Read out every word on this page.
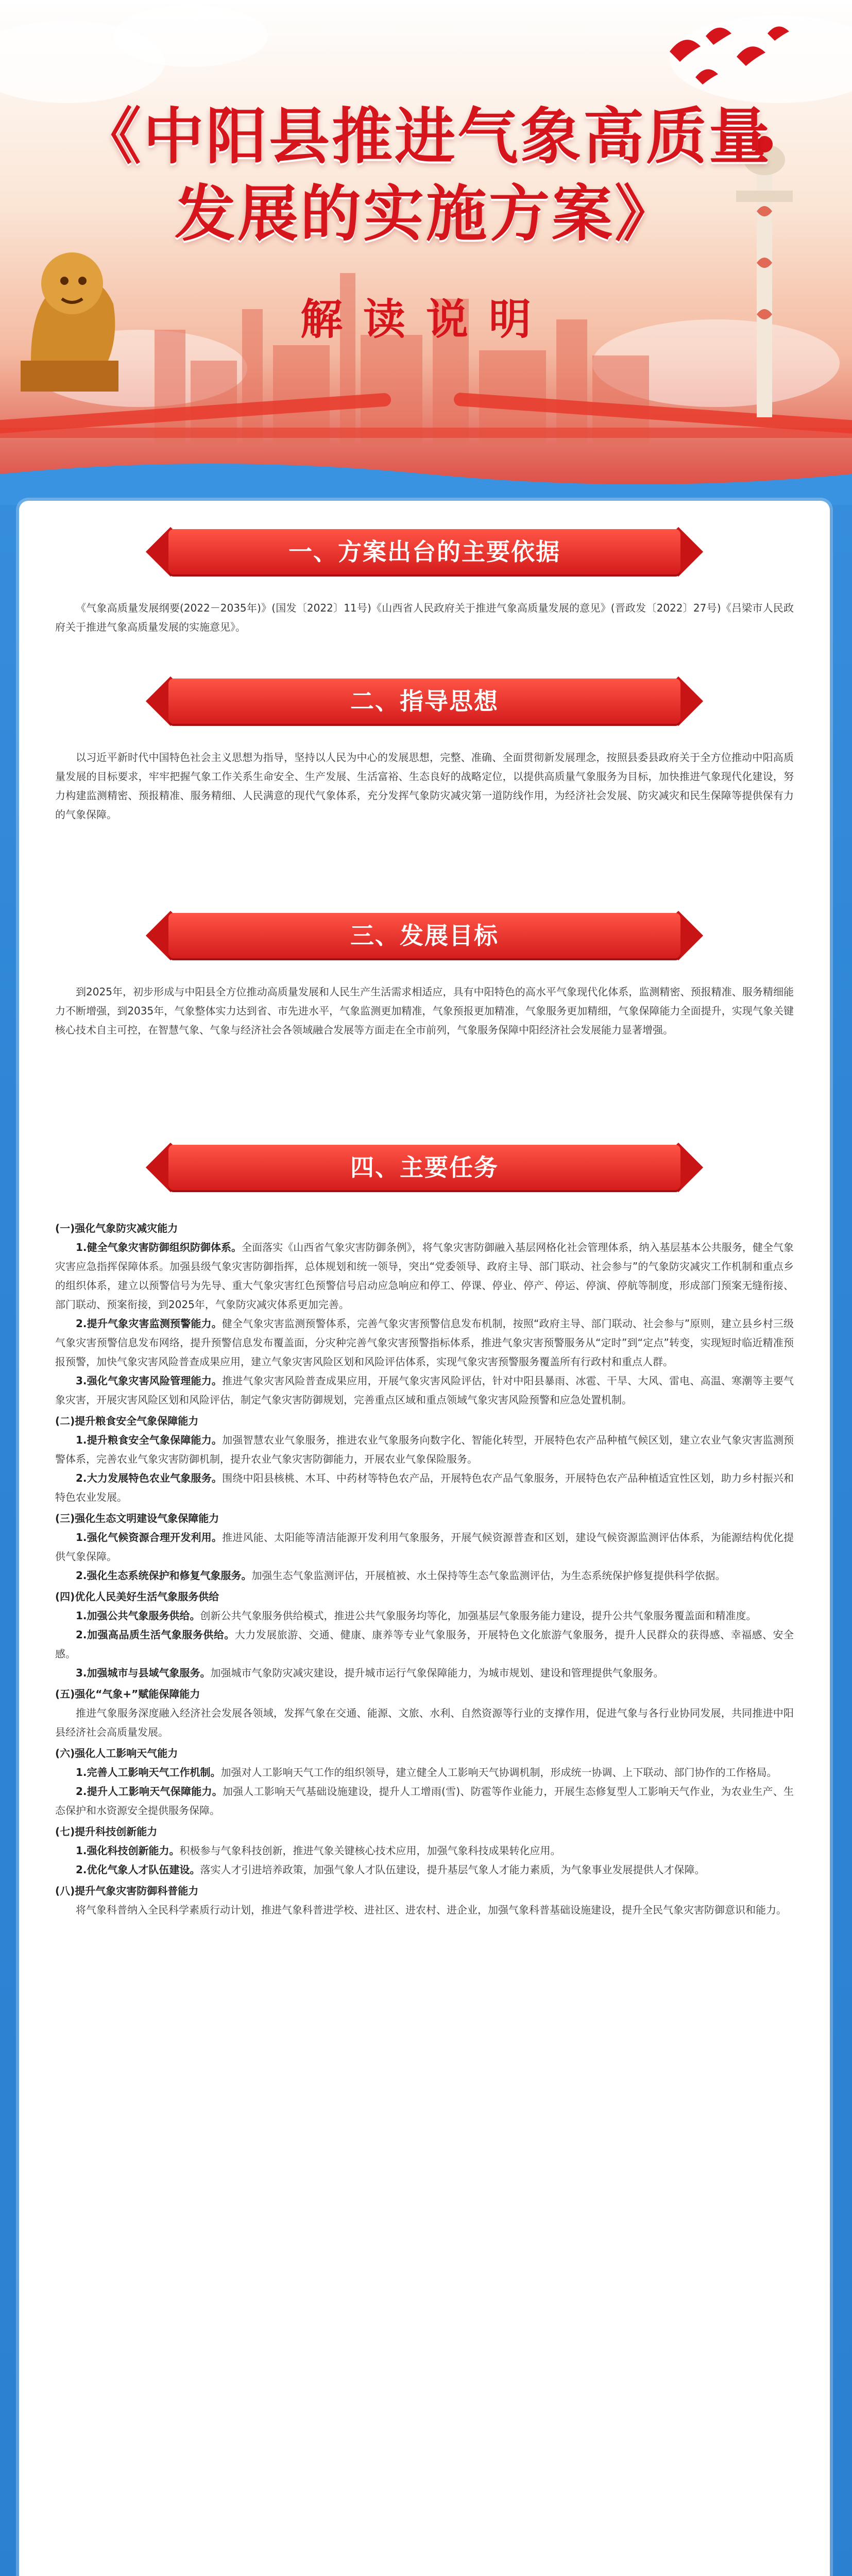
《中阳县推进气象高质量
发展的实施方案》
解读说明
一、方案出台的主要依据

《气象高质量发展纲要(2022－2035年)》(国发〔2022〕11号)《山西省人民政府关于推进气象高质量发展的意见》(晋政发〔2022〕27号)《吕梁市人民政府关于推进气象高质量发展的实施意见》。

二、指导思想

以习近平新时代中国特色社会主义思想为指导，坚持以人民为中心的发展思想，完整、准确、全面贯彻新发展理念，按照县委县政府关于全方位推动中阳高质量发展的目标要求，牢牢把握气象工作关系生命安全、生产发展、生活富裕、生态良好的战略定位，以提供高质量气象服务为目标，加快推进气象现代化建设，努力构建监测精密、预报精准、服务精细、人民满意的现代气象体系，充分发挥气象防灾减灾第一道防线作用，为经济社会发展、防灾减灾和民生保障等提供保有力的气象保障。

三、发展目标

到2025年，初步形成与中阳县全方位推动高质量发展和人民生产生活需求相适应，具有中阳特色的高水平气象现代化体系，监测精密、预报精准、服务精细能力不断增强，到2035年，气象整体实力达到省、市先进水平，气象监测更加精准，气象预报更加精准，气象服务更加精细，气象保障能力全面提升，实现气象关键核心技术自主可控，在智慧气象、气象与经济社会各领域融合发展等方面走在全市前列，气象服务保障中阳经济社会发展能力显著增强。

四、主要任务

(一)强化气象防灾减灾能力

1.健全气象灾害防御组织防御体系。全面落实《山西省气象灾害防御条例》，将气象灾害防御融入基层网格化社会管理体系，纳入基层基本公共服务，健全气象灾害应急指挥保障体系。加强县级气象灾害防御指挥，总体规划和统一领导，突出“党委领导、政府主导、部门联动、社会参与”的气象防灾减灾工作机制和重点乡的组织体系，建立以预警信号为先导、重大气象灾害红色预警信号启动应急响应和停工、停课、停业、停产、停运、停演、停航等制度，形成部门预案无缝衔接、部门联动、预案衔接，到2025年，气象防灾减灾体系更加完善。

2.提升气象灾害监测预警能力。健全气象灾害监测预警体系，完善气象灾害预警信息发布机制，按照“政府主导、部门联动、社会参与”原则，建立县乡村三级气象灾害预警信息发布网络，提升预警信息发布覆盖面，分灾种完善气象灾害预警指标体系，推进气象灾害预警服务从“定时”到“定点”转变，实现短时临近精准预报预警，加快气象灾害风险普查成果应用，建立气象灾害风险区划和风险评估体系，实现气象灾害预警服务覆盖所有行政村和重点人群。

3.强化气象灾害风险管理能力。推进气象灾害风险普查成果应用，开展气象灾害风险评估，针对中阳县暴雨、冰雹、干旱、大风、雷电、高温、寒潮等主要气象灾害，开展灾害风险区划和风险评估，制定气象灾害防御规划，完善重点区域和重点领域气象灾害风险预警和应急处置机制。

(二)提升粮食安全气象保障能力

1.提升粮食安全气象保障能力。加强智慧农业气象服务，推进农业气象服务向数字化、智能化转型，开展特色农产品种植气候区划，建立农业气象灾害监测预警体系，完善农业气象灾害防御机制，提升农业气象灾害防御能力，开展农业气象保险服务。

2.大力发展特色农业气象服务。围绕中阳县核桃、木耳、中药材等特色农产品，开展特色农产品气象服务，开展特色农产品种植适宜性区划，助力乡村振兴和特色农业发展。

(三)强化生态文明建设气象保障能力

1.强化气候资源合理开发利用。推进风能、太阳能等清洁能源开发利用气象服务，开展气候资源普查和区划，建设气候资源监测评估体系，为能源结构优化提供气象保障。

2.强化生态系统保护和修复气象服务。加强生态气象监测评估，开展植被、水土保持等生态气象监测评估，为生态系统保护修复提供科学依据。

(四)优化人民美好生活气象服务供给

1.加强公共气象服务供给。创新公共气象服务供给模式，推进公共气象服务均等化，加强基层气象服务能力建设，提升公共气象服务覆盖面和精准度。

2.加强高品质生活气象服务供给。大力发展旅游、交通、健康、康养等专业气象服务，开展特色文化旅游气象服务，提升人民群众的获得感、幸福感、安全感。

3.加强城市与县域气象服务。加强城市气象防灾减灾建设，提升城市运行气象保障能力，为城市规划、建设和管理提供气象服务。

(五)强化“气象+”赋能保障能力

推进气象服务深度融入经济社会发展各领域，发挥气象在交通、能源、文旅、水利、自然资源等行业的支撑作用，促进气象与各行业协同发展，共同推进中阳县经济社会高质量发展。

(六)强化人工影响天气能力

1.完善人工影响天气工作机制。加强对人工影响天气工作的组织领导，建立健全人工影响天气协调机制，形成统一协调、上下联动、部门协作的工作格局。

2.提升人工影响天气保障能力。加强人工影响天气基础设施建设，提升人工增雨(雪)、防雹等作业能力，开展生态修复型人工影响天气作业，为农业生产、生态保护和水资源安全提供服务保障。

(七)提升科技创新能力

1.强化科技创新能力。积极参与气象科技创新，推进气象关键核心技术应用，加强气象科技成果转化应用。

2.优化气象人才队伍建设。落实人才引进培养政策，加强气象人才队伍建设，提升基层气象人才能力素质，为气象事业发展提供人才保障。

(八)提升气象灾害防御科普能力

将气象科普纳入全民科学素质行动计划，推进气象科普进学校、进社区、进农村、进企业，加强气象科普基础设施建设，提升全民气象灾害防御意识和能力。
